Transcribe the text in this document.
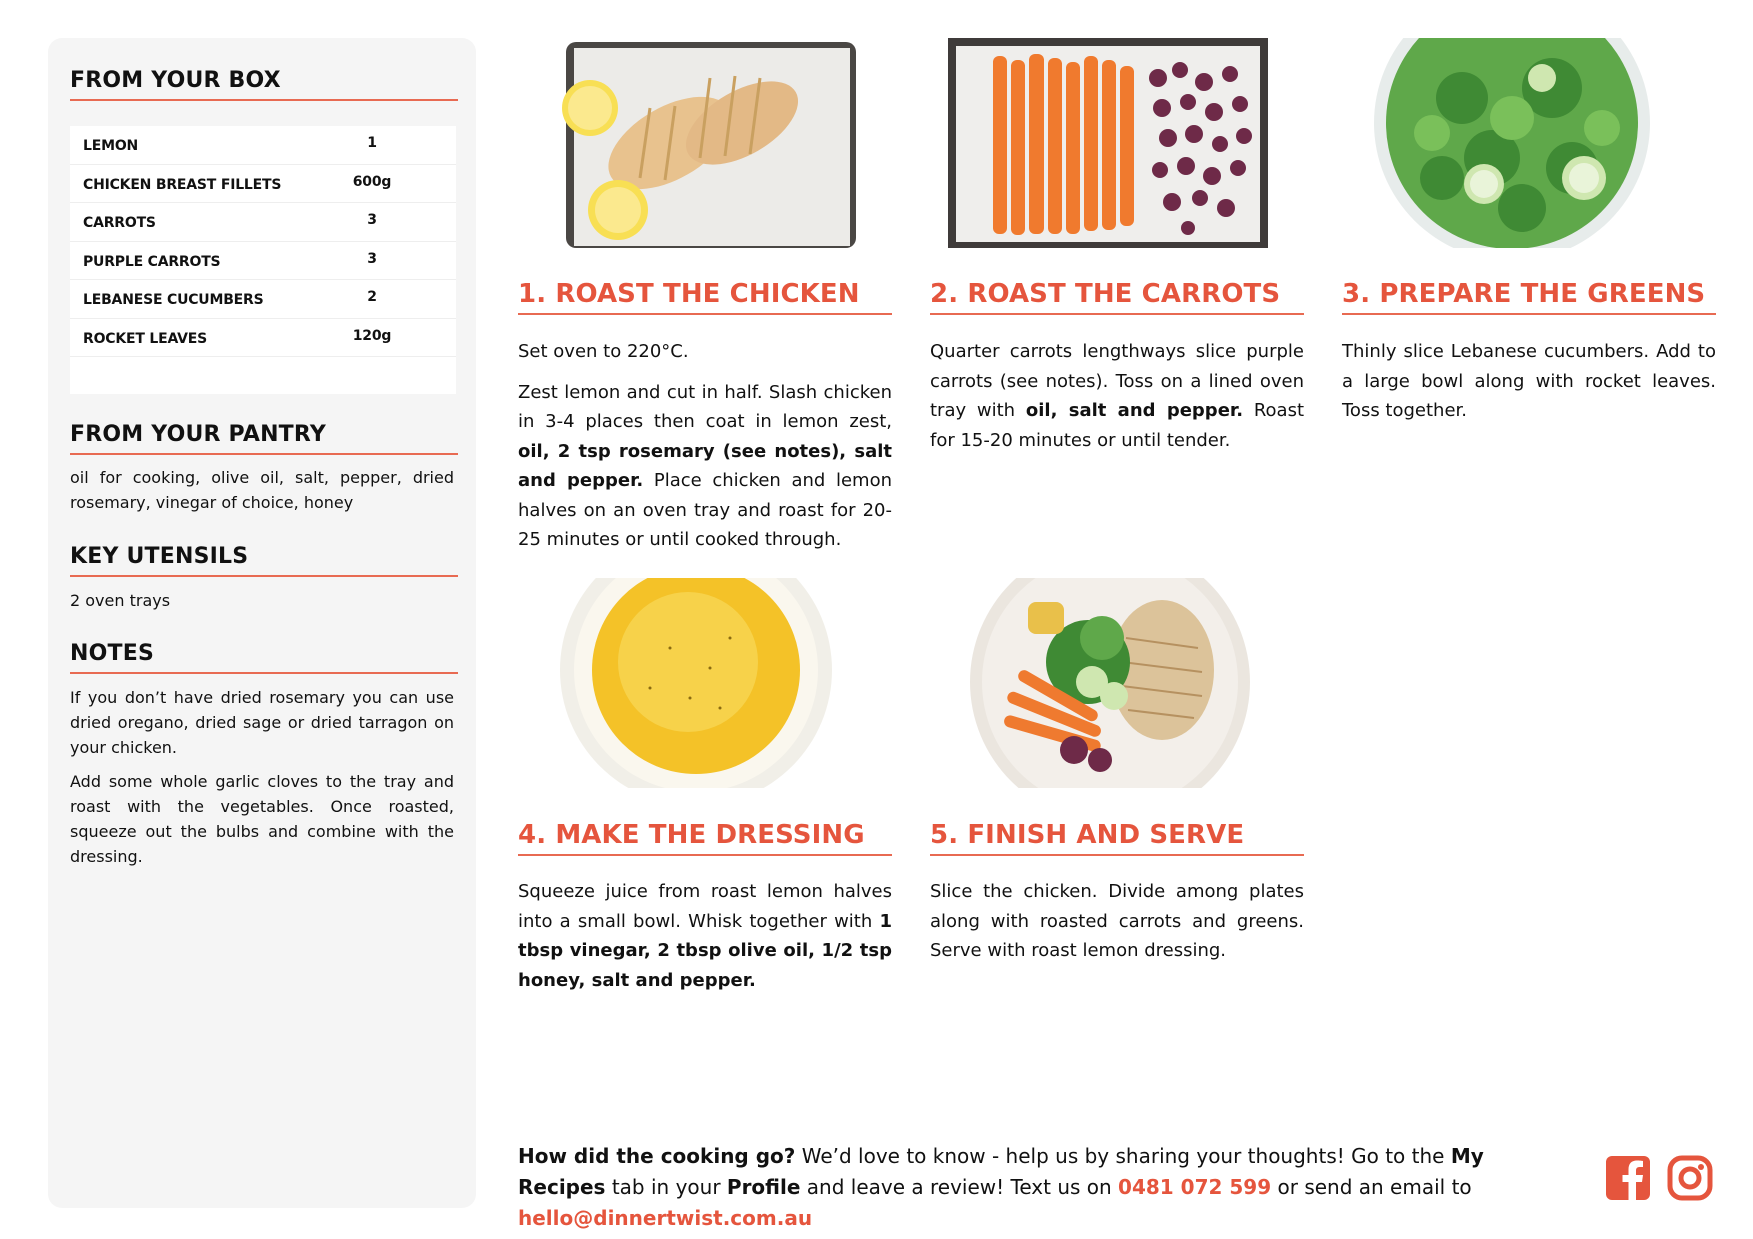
FROM YOUR BOX
LEMON	1
CHICKEN BREAST FILLETS	600g
CARROTS	3
PURPLE CARROTS	3
LEBANESE CUCUMBERS	2
ROCKET LEAVES	120g
FROM YOUR PANTRY
oil for cooking, olive oil, salt, pepper, dried rosemary, vinegar of choice, honey
KEY UTENSILS
2 oven trays
NOTES
If you don’t have dried rosemary you can use dried oregano, dried sage or dried tarragon on your chicken.
Add some whole garlic cloves to the tray and roast with the vegetables. Once roasted, squeeze out the bulbs and combine with the dressing.
1. ROAST THE CHICKEN

Set oven to 220°C.

Zest lemon and cut in half. Slash chicken in 3-4 places then coat in lemon zest, oil, 2 tsp rosemary (see notes), salt and pepper. Place chicken and lemon halves on an oven tray and roast for 20-25 minutes or until cooked through.

2. ROAST THE CARROTS

Quarter carrots lengthways slice purple carrots (see notes). Toss on a lined oven tray with oil, salt and pepper. Roast for 15-20 minutes or until tender.

3. PREPARE THE GREENS

Thinly slice Lebanese cucumbers. Add to a large bowl along with rocket leaves. Toss together.

4. MAKE THE DRESSING

Squeeze juice from roast lemon halves into a small bowl. Whisk together with 1 tbsp vinegar, 2 tbsp olive oil, 1/2 tsp honey, salt and pepper.

5. FINISH AND SERVE

Slice the chicken. Divide among plates along with roasted carrots and greens. Serve with roast lemon dressing.

How did the cooking go? We’d love to know - help us by sharing your thoughts! Go to the My Recipes tab in your Profile and leave a review! Text us on 0481 072 599 or send an email to hello@dinnertwist.com.au
